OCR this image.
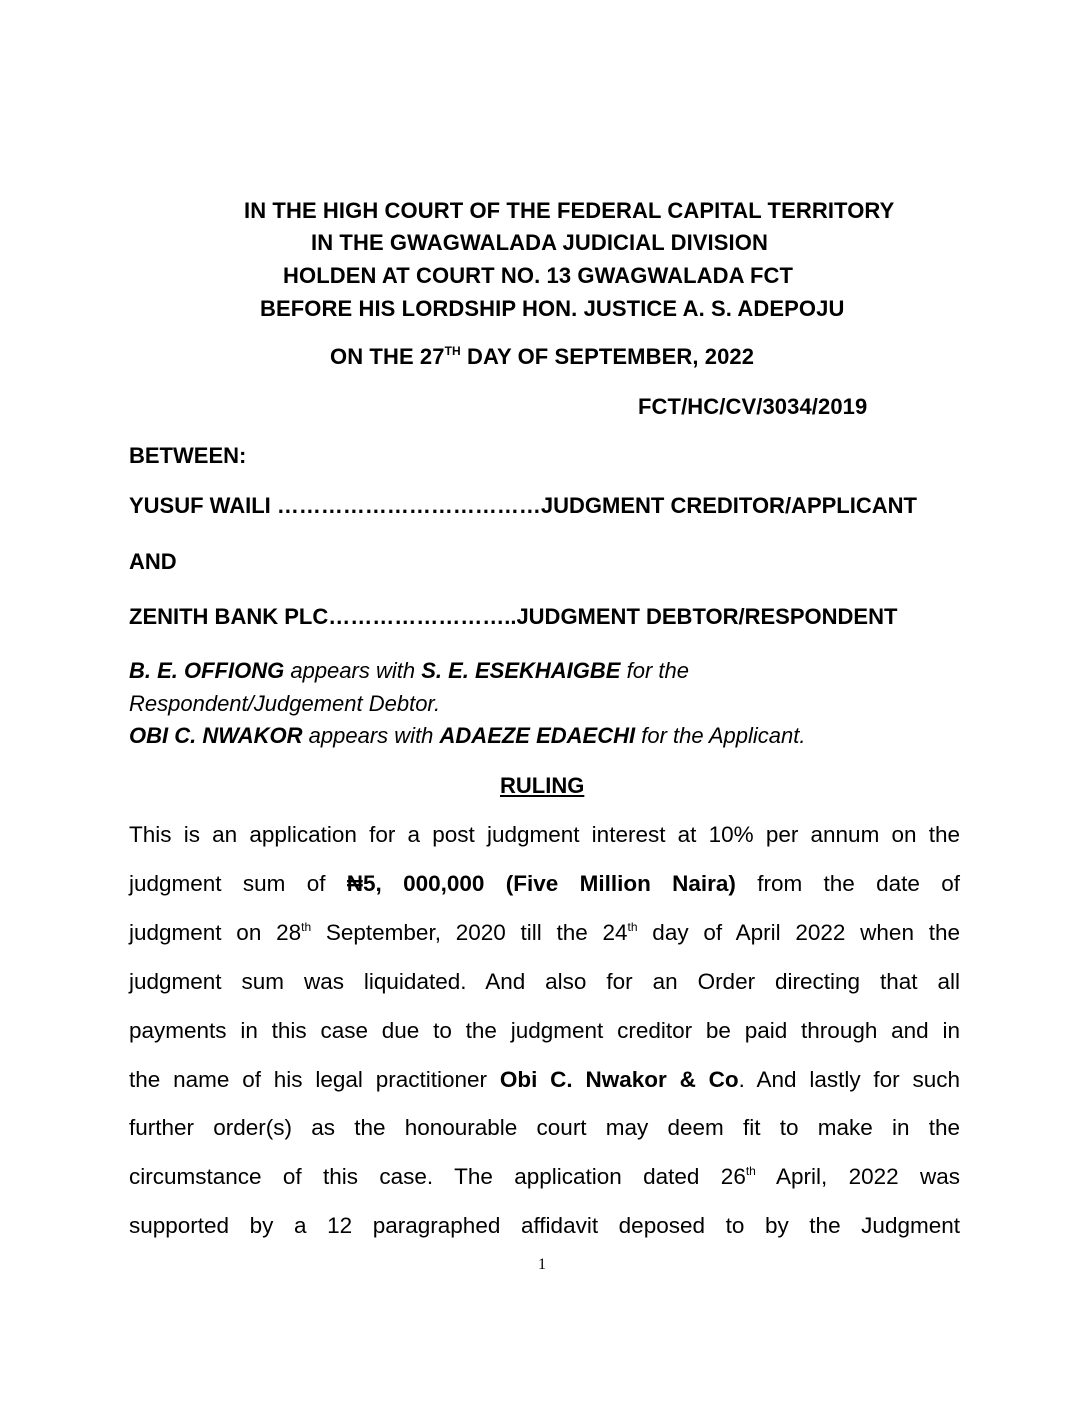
IN THE HIGH COURT OF THE FEDERAL CAPITAL TERRITORY
IN THE GWAGWALADA JUDICIAL DIVISION
HOLDEN AT COURT NO. 13 GWAGWALADA FCT
BEFORE HIS LORDSHIP HON. JUSTICE A. S. ADEPOJU
ON THE 27TH DAY OF SEPTEMBER, 2022
FCT/HC/CV/3034/2019
BETWEEN:
YUSUF WAILI ………………………………JUDGMENT CREDITOR/APPLICANT
AND
ZENITH BANK PLC……………………..JUDGMENT DEBTOR/RESPONDENT
B. E. OFFIONG appears with S. E. ESEKHAIGBE for the
Respondent/Judgement Debtor.
OBI C. NWAKOR appears with ADAEZE EDAECHI for the Applicant.
RULING
This is an application for a post judgment interest at 10% per annum on the
judgment sum of ₦5, 000,000 (Five Million Naira) from the date of
judgment on 28th September, 2020 till the 24th day of April 2022 when the
judgment sum was liquidated. And also for an Order directing that all
payments in this case due to the judgment creditor be paid through and in
the name of his legal practitioner Obi C. Nwakor & Co. And lastly for such
further order(s) as the honourable court may deem fit to make in the
circumstance of this case. The application dated 26th April, 2022 was
supported by a 12 paragraphed affidavit deposed to by the Judgment
1
